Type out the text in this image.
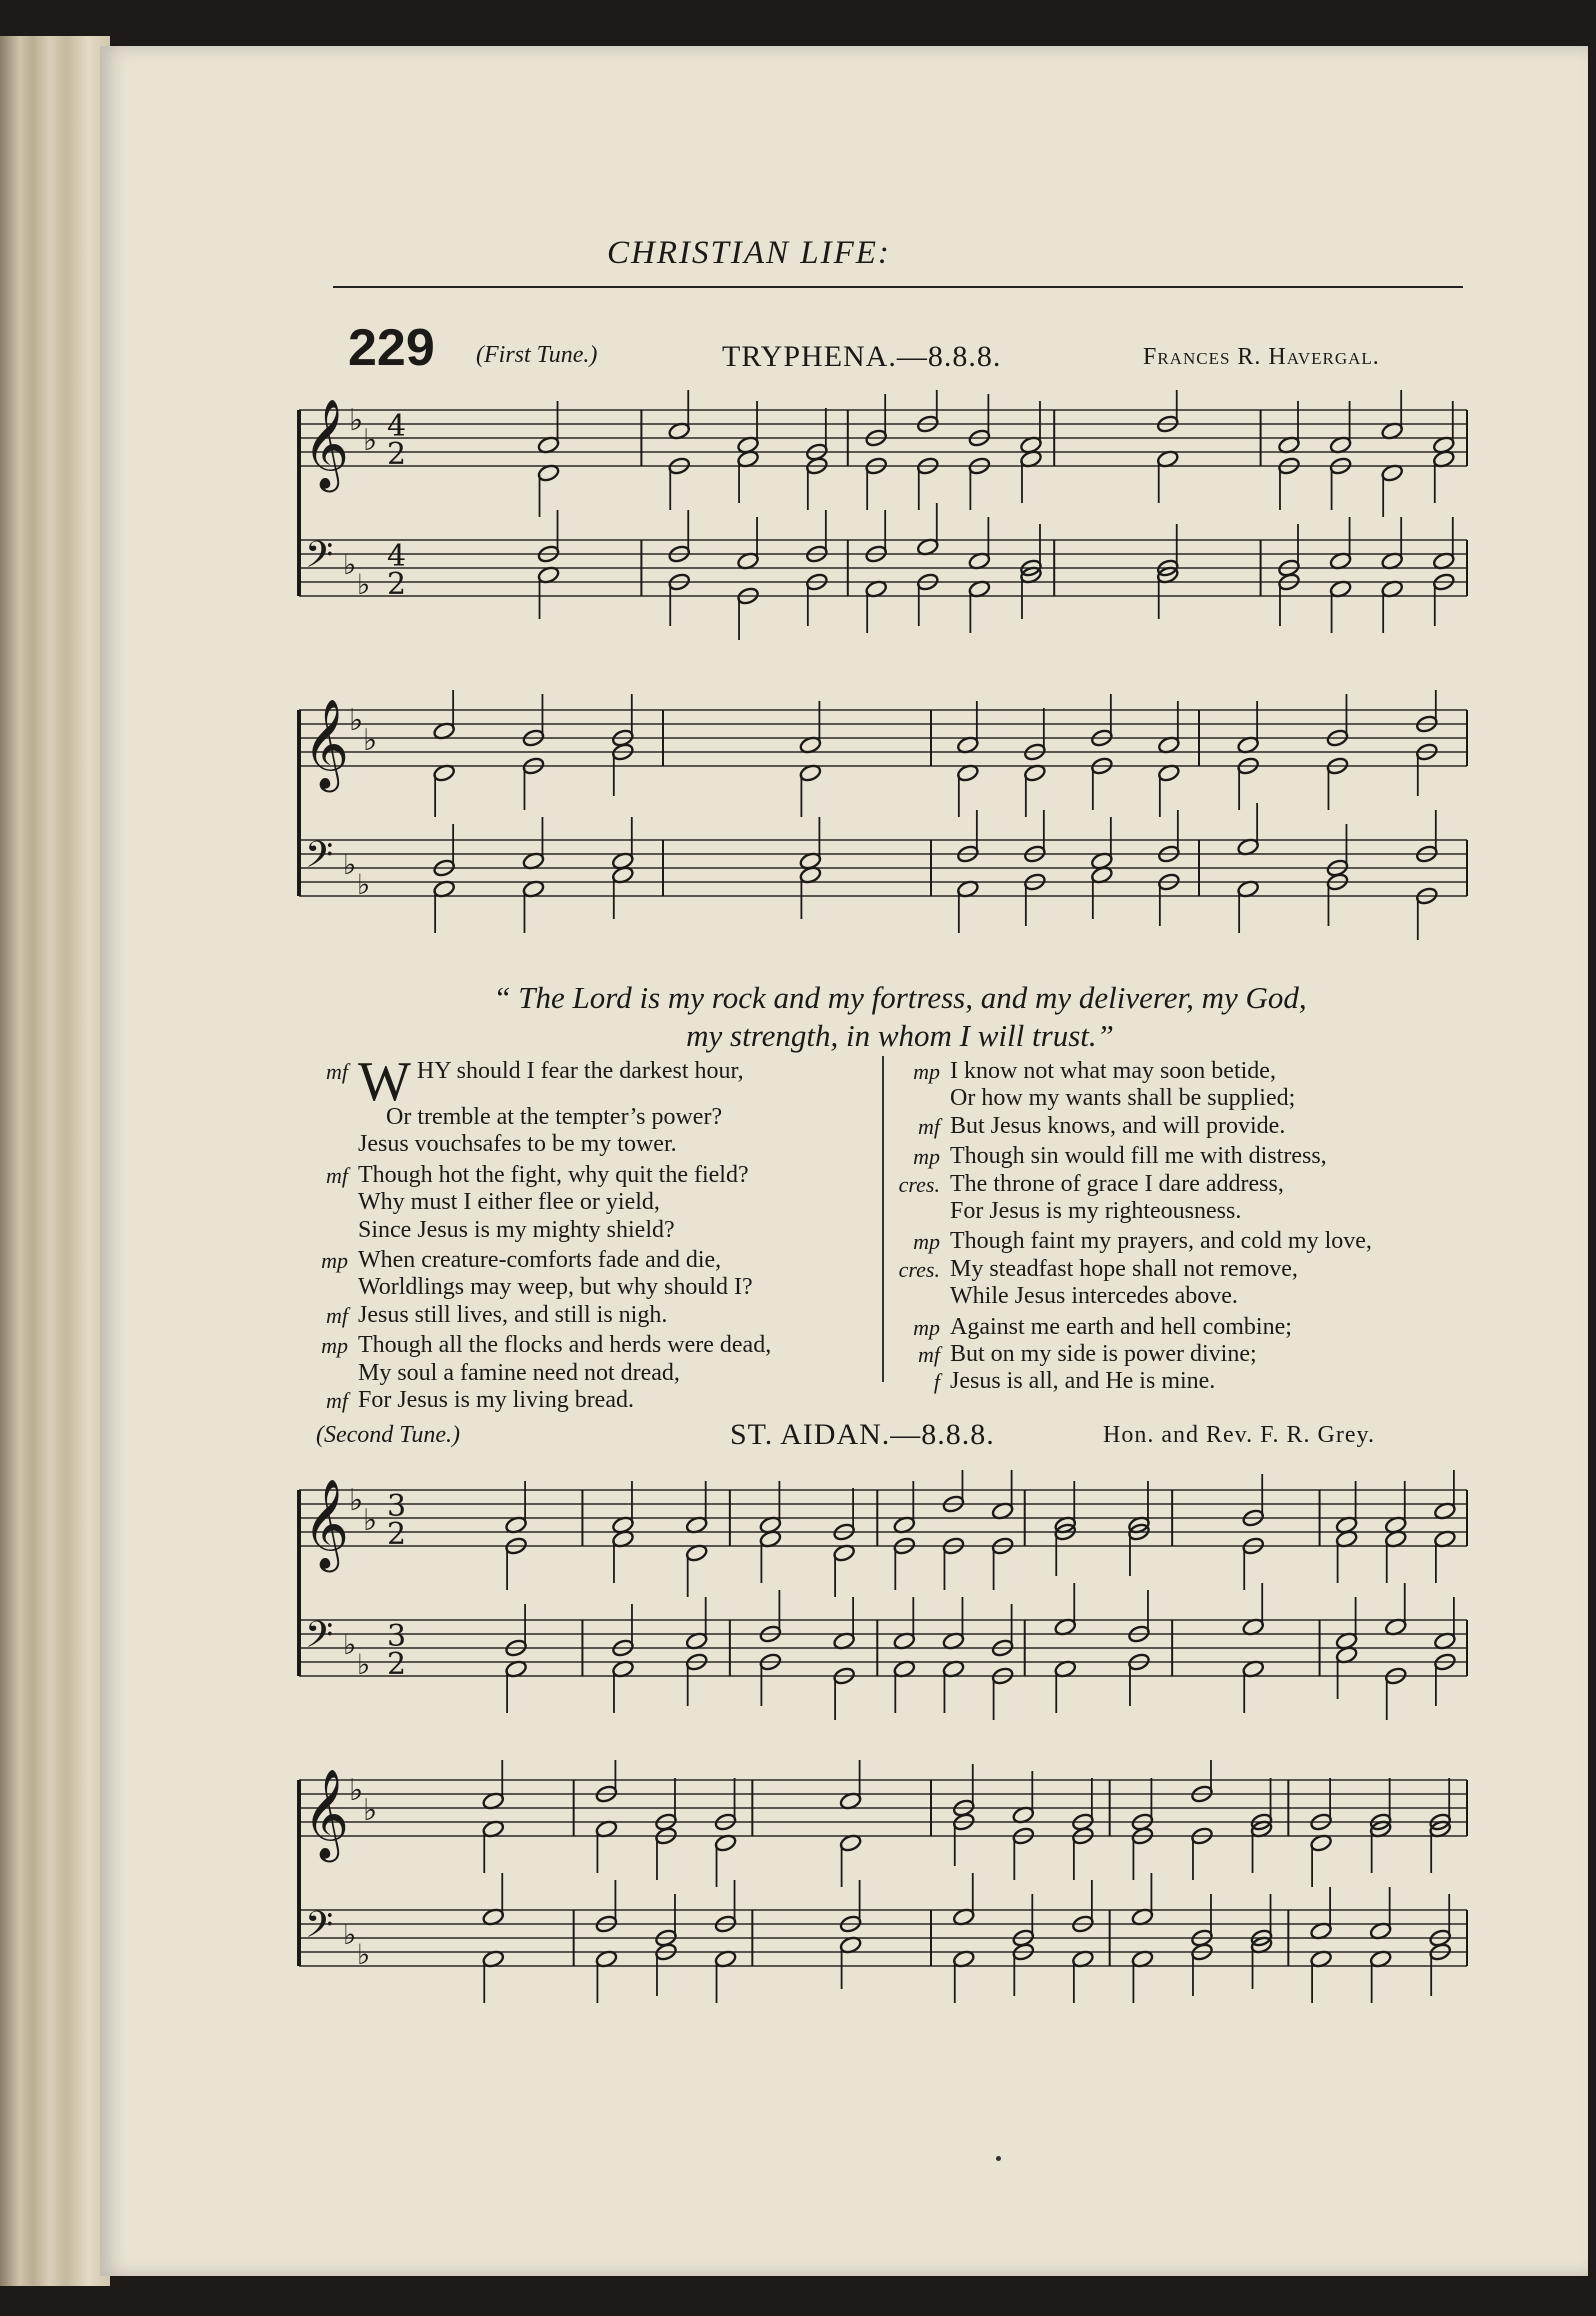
CHRISTIAN LIFE:
229 (First Tune.)	TRYPHENA.—8.8.8.	Frances R. Havergal.
𝄞
𝄢
♭
♭
♭
♭
4
2
4
2
𝄞
𝄢
♭
♭
♭
♭
“ The Lord is my rock and my fortress, and my deliverer, my God,
my strength, in whom I will trust.”
mf WHY should I fear the darkest hour,
Or tremble at the tempter’s power?
Jesus vouchsafes to be my tower.
mf Though hot the fight, why quit the field?
Why must I either flee or yield,
Since Jesus is my mighty shield?
mp When creature-comforts fade and die,
Worldlings may weep, but why should I?
mf Jesus still lives, and still is nigh.
mp Though all the flocks and herds were dead,
My soul a famine need not dread,
mf For Jesus is my living bread.
mp I know not what may soon betide,
Or how my wants shall be supplied;
mf But Jesus knows, and will provide.
mp Though sin would fill me with distress,
cres. The throne of grace I dare address,
For Jesus is my righteousness.
mp Though faint my prayers, and cold my love,
cres. My steadfast hope shall not remove,
While Jesus intercedes above.
mp Against me earth and hell combine;
mf But on my side is power divine;
f Jesus is all, and He is mine.
(Second Tune.)	ST. AIDAN.—8.8.8.	Hon. and Rev. F. R. Grey.
𝄞
𝄢
♭
♭
♭
♭
3
2
3
2
𝄞
𝄢
♭
♭
♭
♭
